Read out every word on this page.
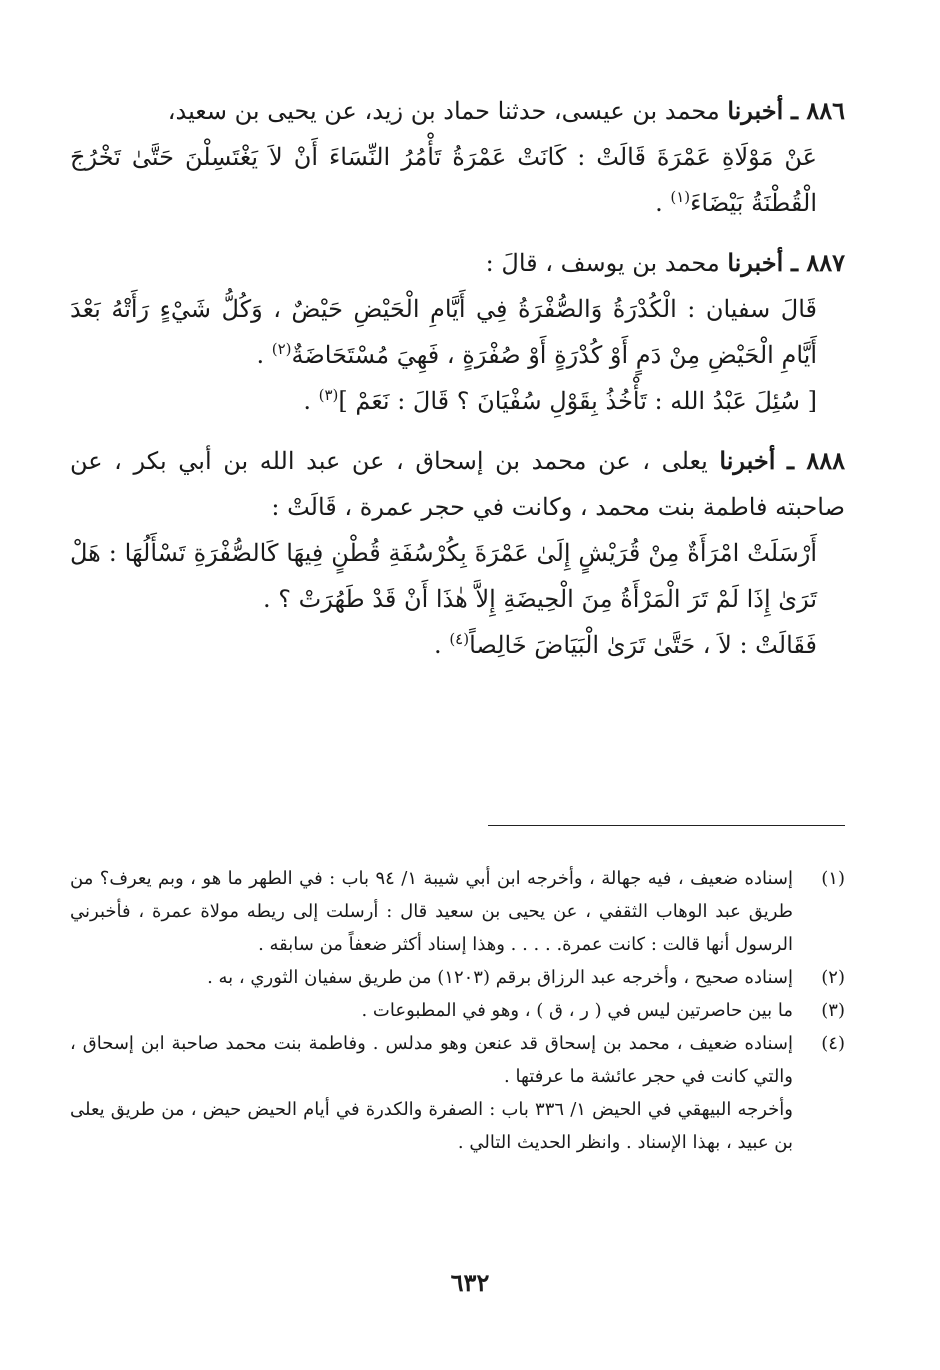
٨٨٦ ـ أخبرنا محمد بن عيسى، حدثنا حماد بن زيد، عن يحيى بن سعيد،

عَنْ مَوْلَاةِ عَمْرَةَ قَالَتْ : كَانَتْ عَمْرَةُ تَأْمُرُ النِّسَاءَ أَنْ لاَ يَغْتَسِلْنَ حَتَّىٰ تَخْرُجَ الْقُطْنَةُ بَيْضَاءَ$^{(١)}$ .

٨٨٧ ـ أخبرنا محمد بن يوسف ، قالَ :

قَالَ سفيان : الْكُدْرَةُ وَالصُّفْرَةُ فِي أَيَّامِ الْحَيْضِ حَيْضٌ ، وَكُلُّ شَيْءٍ رَأَتْهُ بَعْدَ أَيَّامِ الْحَيْضِ مِنْ دَمٍ أَوْ كُدْرَةٍ أَوْ صُفْرَةٍ ، فَهِيَ مُسْتَحَاضَةٌ$^{(٢)}$ .

[ سُئِلَ عَبْدُ الله : تَأْخُذُ بِقَوْلِ سُفْيَانَ ؟ قَالَ : نَعَمْ ]$^{(٣)}$ .

٨٨٨ ـ أخبرنا يعلى ، عن محمد بن إسحاق ، عن عبد الله بن أبي بكر ، عن صاحبته فاطمة بنت محمد ، وكانت في حجر عمرة ، قَالَتْ :

أَرْسَلَتْ امْرَأَةٌ مِنْ قُرَيْشٍ إِلَىٰ عَمْرَةَ بِكُرْسُفَةِ قُطْنٍ فِيهَا كَالصُّفْرَةِ تَسْأَلُهَا : هَلْ تَرَىٰ إِذَا لَمْ تَرَ الْمَرْأَةُ مِنَ الْحِيضَةِ إِلاَّ هٰذَا أَنْ قَدْ طَهُرَتْ ؟ .

فَقَالَتْ : لاَ ، حَتَّىٰ تَرَىٰ الْبَيَاضَ خَالِصاً$^{(٤)}$ .

(١)
إسناده ضعيف ، فيه جهالة ، وأخرجه ابن أبي شيبة ١/ ٩٤ باب : في الطهر ما هو ، وبم يعرف؟ من طريق عبد الوهاب الثقفي ، عن يحيى بن سعيد قال : أرسلت إلى ريطه مولاة عمرة ، فأخبرني الرسول أنها قالت : كانت عمرة. . . . . وهذا إسناد أكثر ضعفاً من سابقه .
(٢)
إسناده صحيح ، وأخرجه عبد الرزاق برقم (١٢٠٣) من طريق سفيان الثوري ، به .
(٣)
ما بين حاصرتين ليس في ( ر ، ق ) ، وهو في المطبوعات .
(٤)
إسناده ضعيف ، محمد بن إسحاق قد عنعن وهو مدلس . وفاطمة بنت محمد صاحبة ابن إسحاق ، والتي كانت في حجر عائشة ما عرفتها .
وأخرجه البيهقي في الحيض ١/ ٣٣٦ باب : الصفرة والكدرة في أيام الحيض حيض ، من طريق يعلى بن عبيد ، بهذا الإسناد . وانظر الحديث التالي .
٦٣٢
